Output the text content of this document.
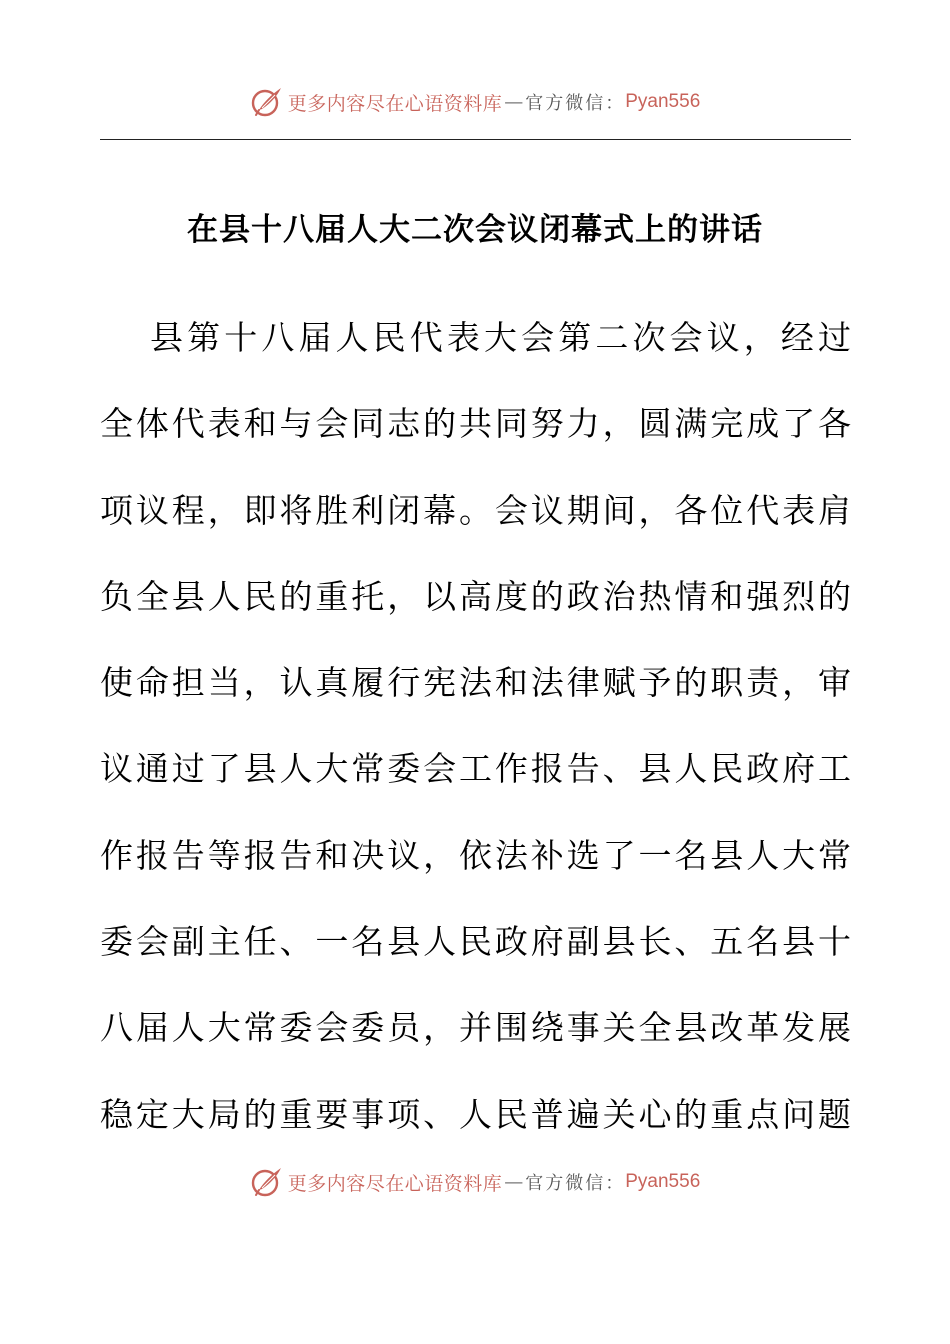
更多内容尽在心语资料库 — 官方微信： Pyan556
在县十八届人大二次会议闭幕式上的讲话
县第十八届人民代表大会第二次会议，经过
全体代表和与会同志的共同努力，圆满完成了各
项议程，即将胜利闭幕。会议期间，各位代表肩
负全县人民的重托，以高度的政治热情和强烈的
使命担当，认真履行宪法和法律赋予的职责，审
议通过了县人大常委会工作报告、县人民政府工
作报告等报告和决议，依法补选了一名县人大常
委会副主任、一名县人民政府副县长、五名县十
八届人大常委会委员，并围绕事关全县改革发展
稳定大局的重要事项、人民普遍关心的重点问题
更多内容尽在心语资料库 — 官方微信： Pyan556
